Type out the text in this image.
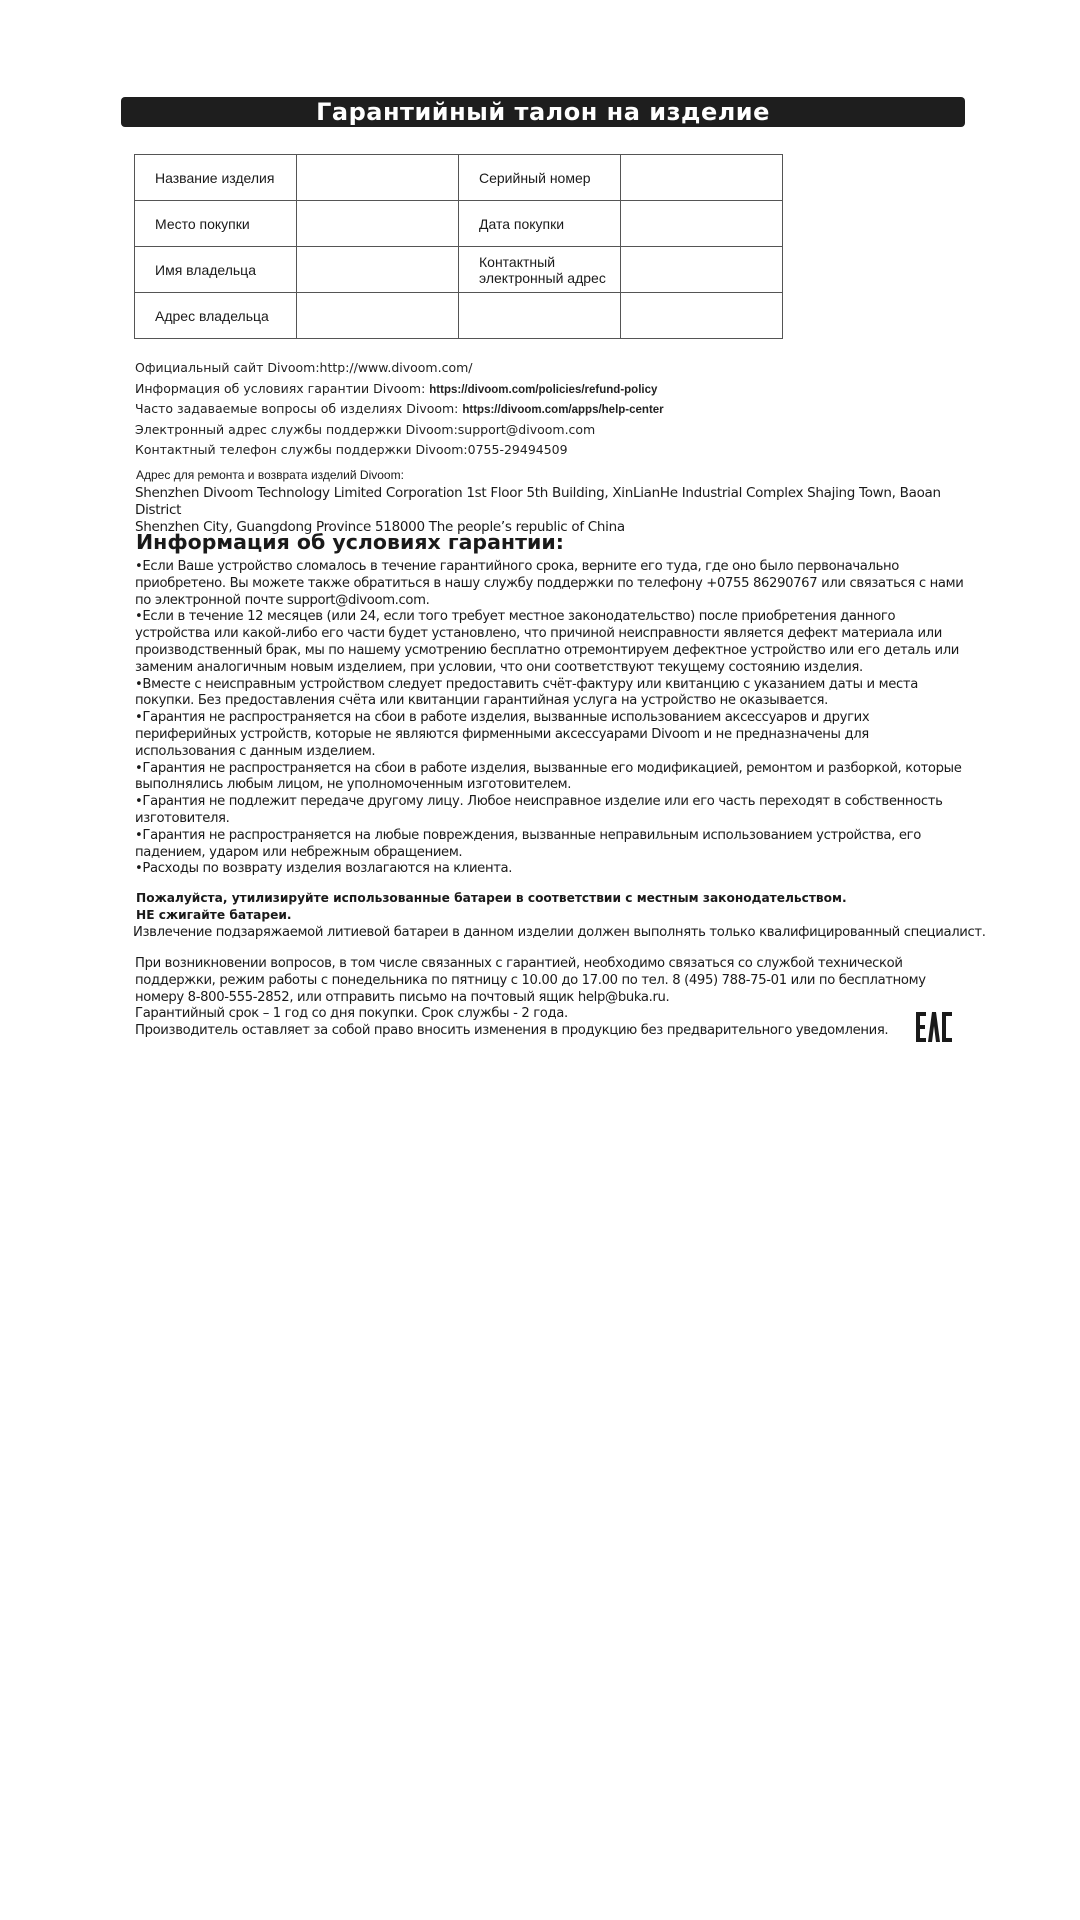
Гарантийный талон на изделие
Название изделия		Серийный номер	
Место покупки		Дата покупки	
Имя владельца		Контактный электронный адрес	
Адрес владельца			
Официальный сайт Divoom:http://www.divoom.com/
Информация об условиях гарантии Divoom: https://divoom.com/policies/refund-policy
Часто задаваемые вопросы об изделиях Divoom: https://divoom.com/apps/help-center
Электронный адрес службы поддержки Divoom:support@divoom.com
Контактный телефон службы поддержки Divoom:0755-29494509
Адрес для ремонта и возврата изделий Divoom:
Shenzhen Divoom Technology Limited Corporation 1st Floor 5th Building, XinLianHe Industrial Complex Shajing Town, Baoan District
Shenzhen City, Guangdong Province 518000 The people’s republic of China
Информация об условиях гарантии:

•Если Ваше устройство сломалось в течение гарантийного срока, верните его туда, где оно было первоначально приобретено. Вы можете также обратиться в нашу службу поддержки по телефону +0755 86290767 или связаться с нами по электронной почте support@divoom.com.

•Если в течение 12 месяцев (или 24, если того требует местное законодательство) после приобретения данного устройства или какой-либо его части будет установлено, что причиной неисправности является дефект материала или производственный брак, мы по нашему усмотрению бесплатно отремонтируем дефектное устройство или его деталь или заменим аналогичным новым изделием, при условии, что они соответствуют текущему состоянию изделия.

•Вместе с неисправным устройством следует предоставить счёт-фактуру или квитанцию с указанием даты и места покупки. Без предоставления счёта или квитанции гарантийная услуга на устройство не оказывается.

•Гарантия не распространяется на сбои в работе изделия, вызванные использованием аксессуаров и других периферийных устройств, которые не являются фирменными аксессуарами Divoom и не предназначены для использования с данным изделием.

•Гарантия не распространяется на сбои в работе изделия, вызванные его модификацией, ремонтом и разборкой, которые выполнялись любым лицом, не уполномоченным изготовителем.

•Гарантия не подлежит передаче другому лицу. Любое неисправное изделие или его часть переходят в собственность изготовителя.

•Гарантия не распространяется на любые повреждения, вызванные неправильным использованием устройства, его падением, ударом или небрежным обращением.

•Расходы по возврату изделия возлагаются на клиента.

Пожалуйста, утилизируйте использованные батареи в соответствии с местным законодательством.
НЕ сжигайте батареи.
Извлечение подзаряжаемой литиевой батареи в данном изделии должен выполнять только квалифицированный специалист.

При возникновении вопросов, в том числе связанных с гарантией, необходимо связаться со службой технической поддержки, режим работы с понедельника по пятницу с 10.00 до 17.00 по тел. 8 (495) 788-75-01 или по бесплатному номеру 8-800-555-2852, или отправить письмо на почтовый ящик help@buka.ru.

Гарантийный срок – 1 год со дня покупки. Срок службы - 2 года.

Производитель оставляет за собой право вносить изменения в продукцию без предварительного уведомления.
